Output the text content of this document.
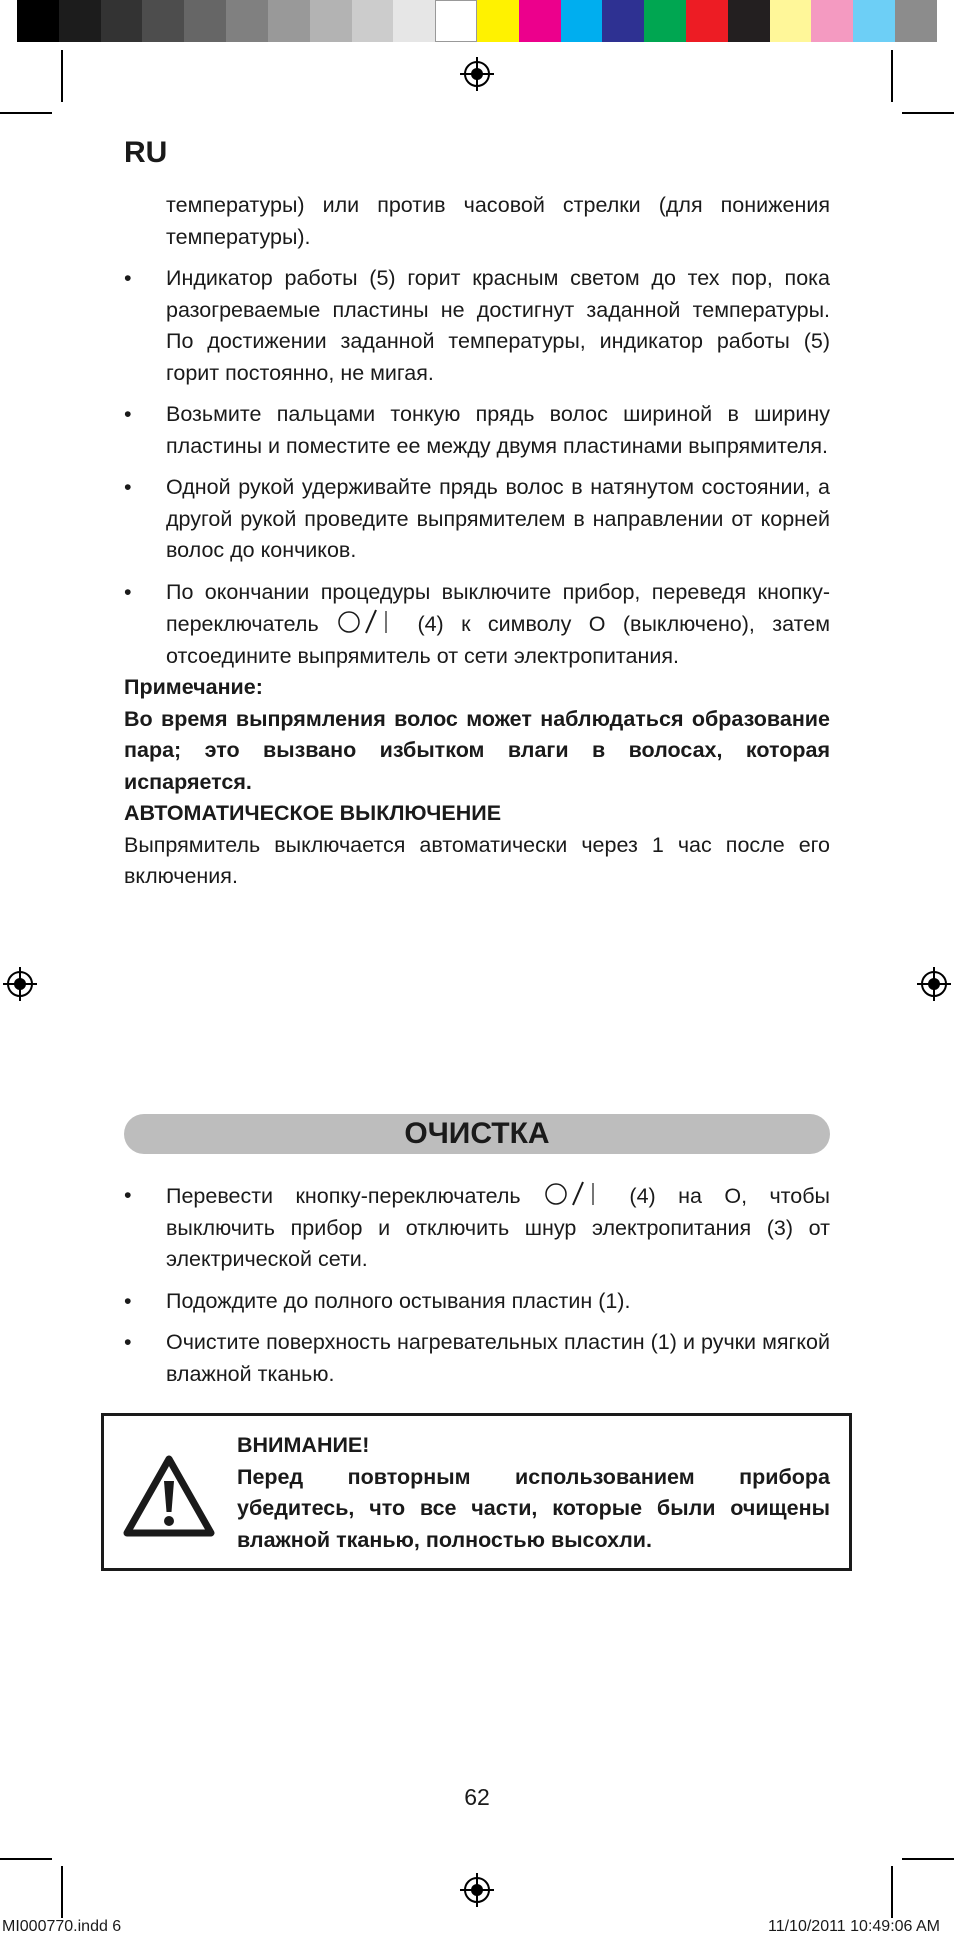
RU

температуры) или против часовой стрелки (для понижения температуры).

• Индикатор работы (5) горит красным светом до тех пор, пока разогреваемые пластины не достигнут заданной температуры. По достижении заданной температуры, индикатор работы (5) горит постоянно, не мигая.
• Возьмите пальцами тонкую прядь волос шириной в ширину пластины и поместите ее между двумя пластинами выпрямителя.
• Одной рукой удерживайте прядь волос в натянутом состоянии, а другой рукой проведите выпрямителем в направлении от корней волос до кончиков.
• По окончании процедуры выключите прибор, переведя кнопку-переключатель	(4) к символу O (выключено), затем отсоедините выпрямитель от сети электропитания.

Примечание:

Во время выпрямления волос может наблюдаться образование пара; это вызвано избытком влаги в волосах, которая испаряется.

АВТОМАТИЧЕСКОЕ ВЫКЛЮЧЕНИЕ

Выпрямитель выключается автоматически через 1 час после его включения.

ОЧИСТКА
• Перевести кнопку-переключатель	(4) на O, чтобы выключить прибор и отключить шнур электропитания (3) от электрической сети.
• Подождите до полного остывания пластин (1).
• Очистите поверхность нагревательных пластин (1) и ручки мягкой влажной тканью.
ВНИМАНИЕ!
Перед повторным использованием прибора убедитесь, что все части, которые были очищены влажной тканью, полностью высохли.
62
MI000770.indd 6	11/10/2011 10:49:06 AM
